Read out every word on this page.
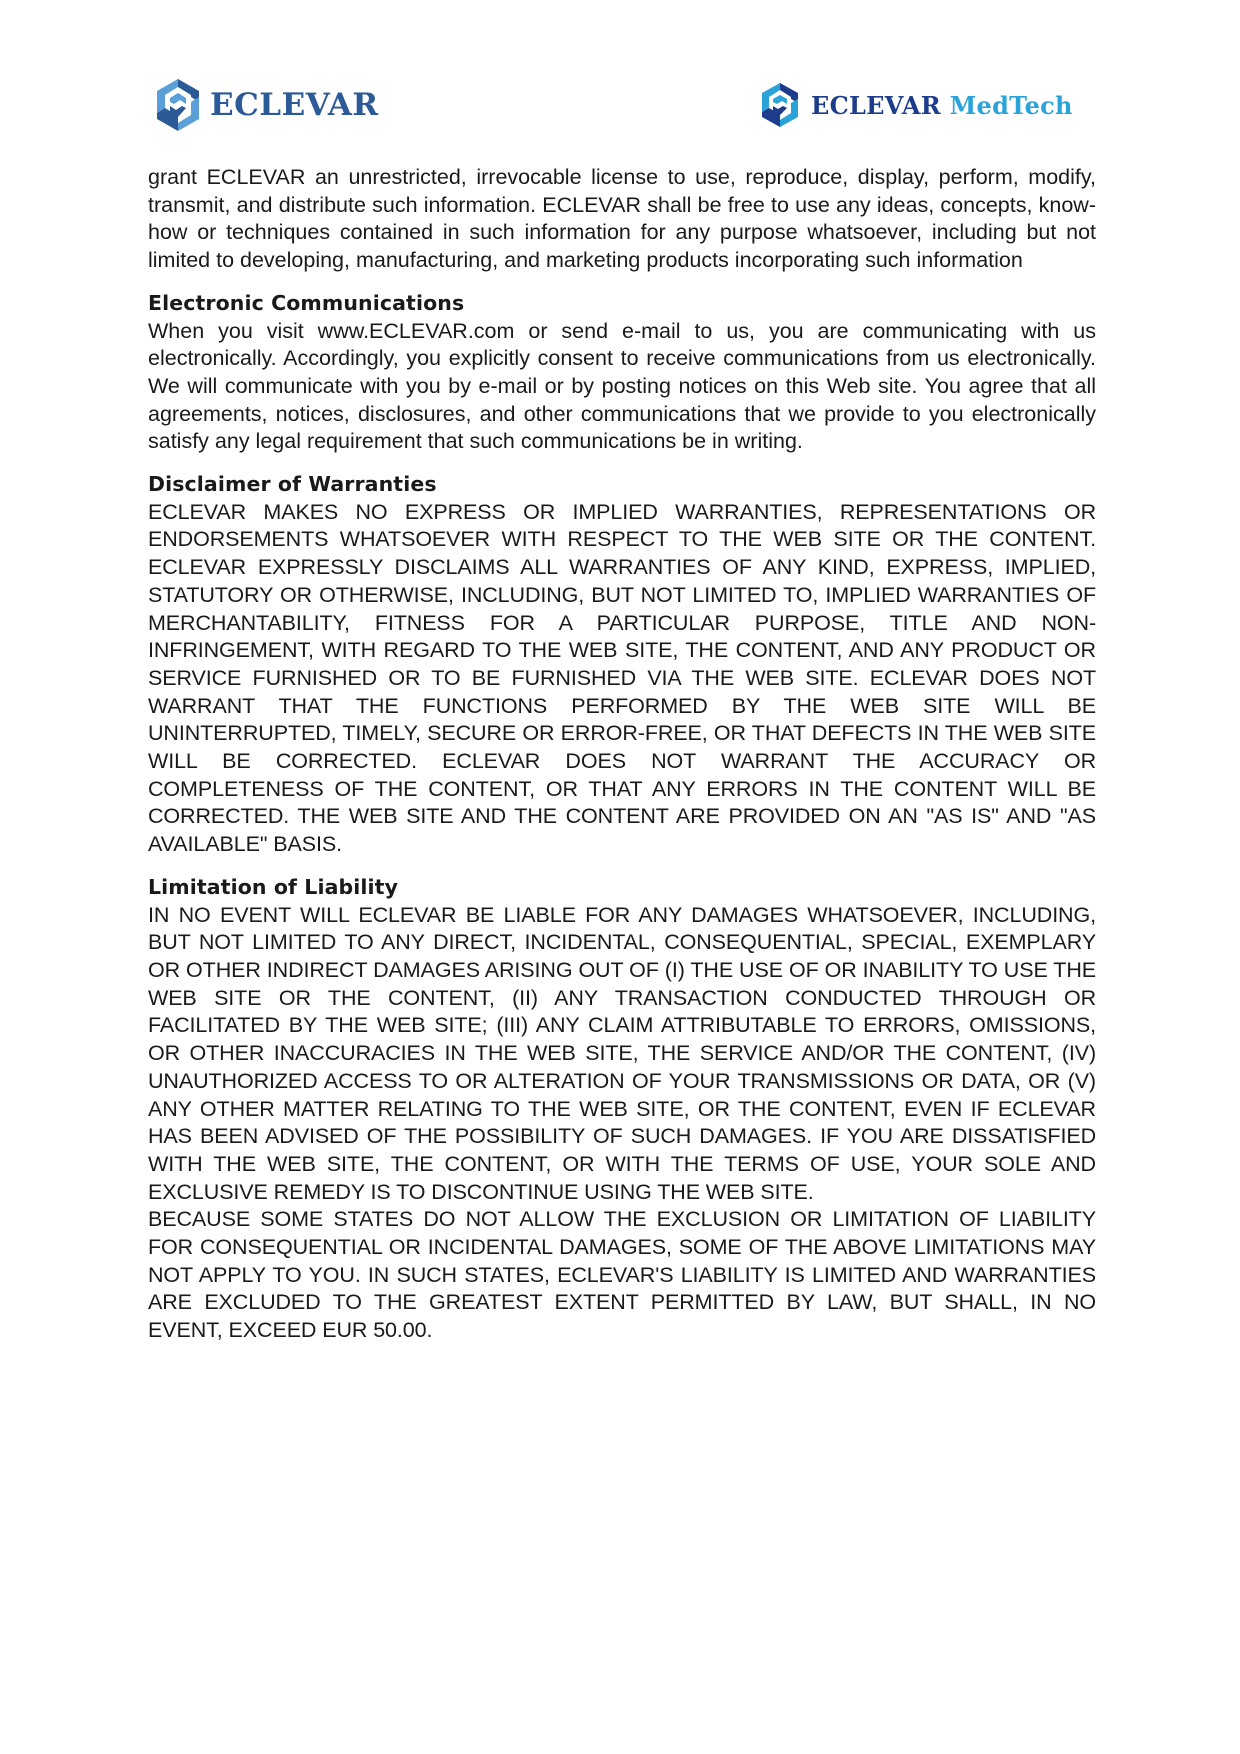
ECLEVAR	ECLEVAR MedTech

grant ECLEVAR an unrestricted, irrevocable license to use, reproduce, display, perform, modify, transmit, and distribute such information. ECLEVAR shall be free to use any ideas, concepts, know-how or techniques contained in such information for any purpose whatsoever, including but not limited to developing, manufacturing, and marketing products incorporating such information

Electronic Communications

When you visit www.ECLEVAR.com or send e-mail to us, you are communicating with us electronically. Accordingly, you explicitly consent to receive communications from us electronically. We will communicate with you by e-mail or by posting notices on this Web site. You agree that all agreements, notices, disclosures, and other communications that we provide to you electronically satisfy any legal requirement that such communications be in writing.

Disclaimer of Warranties

ECLEVAR MAKES NO EXPRESS OR IMPLIED WARRANTIES, REPRESENTATIONS OR ENDORSEMENTS WHATSOEVER WITH RESPECT TO THE WEB SITE OR THE CONTENT. ECLEVAR EXPRESSLY DISCLAIMS ALL WARRANTIES OF ANY KIND, EXPRESS, IMPLIED, STATUTORY OR OTHERWISE, INCLUDING, BUT NOT LIMITED TO, IMPLIED WARRANTIES OF MERCHANTABILITY, FITNESS FOR A PARTICULAR PURPOSE, TITLE AND NON-INFRINGEMENT, WITH REGARD TO THE WEB SITE, THE CONTENT, AND ANY PRODUCT OR SERVICE FURNISHED OR TO BE FURNISHED VIA THE WEB SITE. ECLEVAR DOES NOT WARRANT THAT THE FUNCTIONS PERFORMED BY THE WEB SITE WILL BE UNINTERRUPTED, TIMELY, SECURE OR ERROR-FREE, OR THAT DEFECTS IN THE WEB SITE WILL BE CORRECTED. ECLEVAR DOES NOT WARRANT THE ACCURACY OR COMPLETENESS OF THE CONTENT, OR THAT ANY ERRORS IN THE CONTENT WILL BE CORRECTED. THE WEB SITE AND THE CONTENT ARE PROVIDED ON AN "AS IS" AND "AS AVAILABLE" BASIS.

Limitation of Liability

IN NO EVENT WILL ECLEVAR BE LIABLE FOR ANY DAMAGES WHATSOEVER, INCLUDING, BUT NOT LIMITED TO ANY DIRECT, INCIDENTAL, CONSEQUENTIAL, SPECIAL, EXEMPLARY OR OTHER INDIRECT DAMAGES ARISING OUT OF (I) THE USE OF OR INABILITY TO USE THE WEB SITE OR THE CONTENT, (II) ANY TRANSACTION CONDUCTED THROUGH OR FACILITATED BY THE WEB SITE; (III) ANY CLAIM ATTRIBUTABLE TO ERRORS, OMISSIONS, OR OTHER INACCURACIES IN THE WEB SITE, THE SERVICE AND/OR THE CONTENT, (IV) UNAUTHORIZED ACCESS TO OR ALTERATION OF YOUR TRANSMISSIONS OR DATA, OR (V) ANY OTHER MATTER RELATING TO THE WEB SITE, OR THE CONTENT, EVEN IF ECLEVAR HAS BEEN ADVISED OF THE POSSIBILITY OF SUCH DAMAGES. IF YOU ARE DISSATISFIED WITH THE WEB SITE, THE CONTENT, OR WITH THE TERMS OF USE, YOUR SOLE AND EXCLUSIVE REMEDY IS TO DISCONTINUE USING THE WEB SITE.

BECAUSE SOME STATES DO NOT ALLOW THE EXCLUSION OR LIMITATION OF LIABILITY FOR CONSEQUENTIAL OR INCIDENTAL DAMAGES, SOME OF THE ABOVE LIMITATIONS MAY NOT APPLY TO YOU. IN SUCH STATES, ECLEVAR'S LIABILITY IS LIMITED AND WARRANTIES ARE EXCLUDED TO THE GREATEST EXTENT PERMITTED BY LAW, BUT SHALL, IN NO EVENT, EXCEED EUR 50.00.
